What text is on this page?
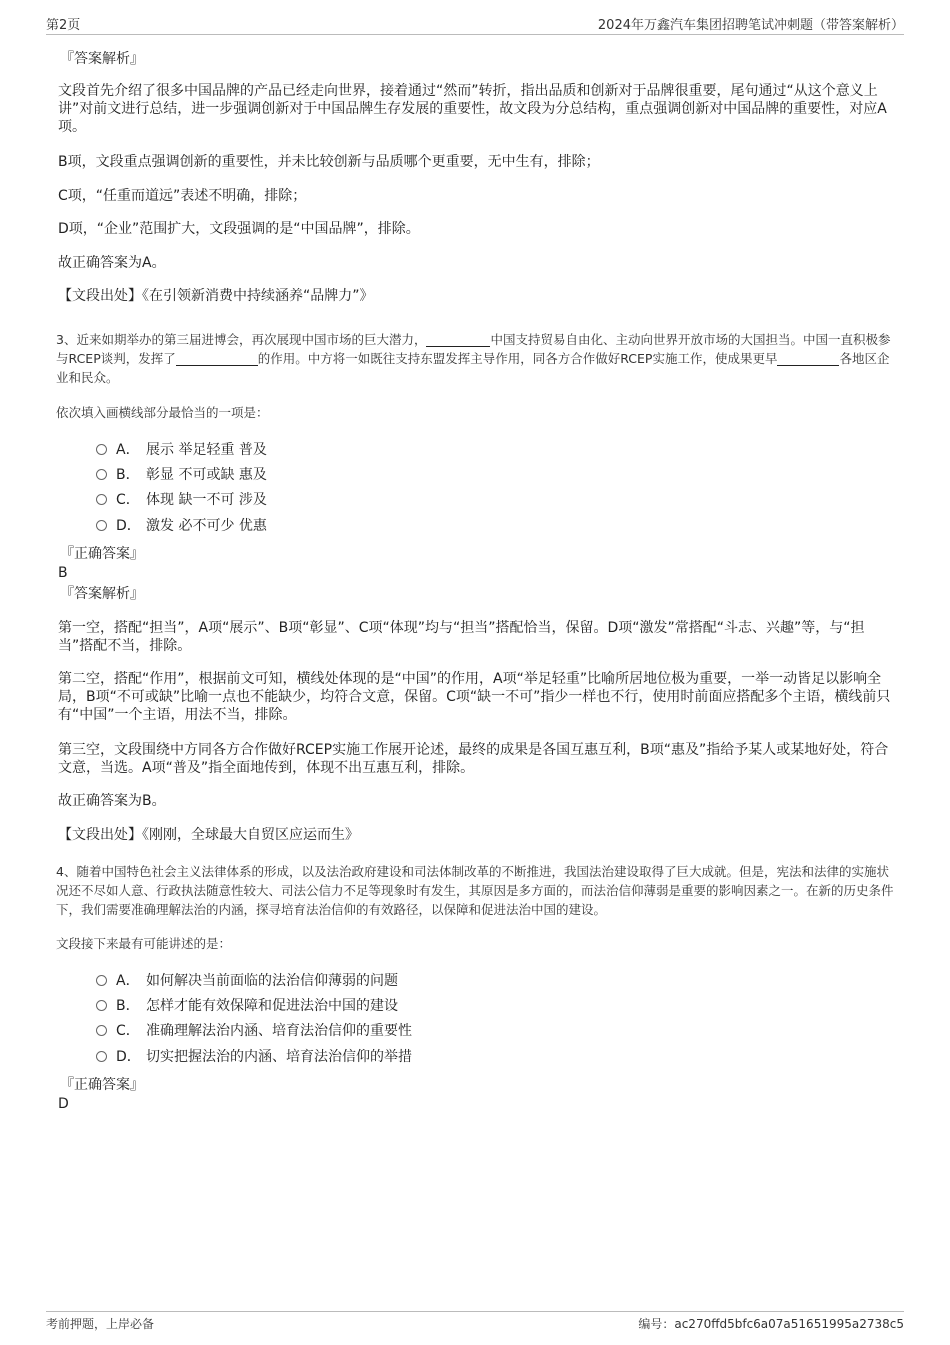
第2页	2024年万鑫汽车集团招聘笔试冲刺题（带答案解析）
『答案解析』
文段首先介绍了很多中国品牌的产品已经走向世界，接着通过“然而”转折，指出品质和创新对于品牌很重要，尾句通过“从这个意义上讲”对前文进行总结，进一步强调创新对于中国品牌生存发展的重要性，故文段为分总结构，重点强调创新对中国品牌的重要性，对应A项。
B项，文段重点强调创新的重要性，并未比较创新与品质哪个更重要，无中生有，排除；
C项，“任重而道远”表述不明确，排除；
D项，“企业”范围扩大，文段强调的是“中国品牌”，排除。
故正确答案为A。
【文段出处】《在引领新消费中持续涵养“品牌力”》
3、近来如期举办的第三届进博会，再次展现中国市场的巨大潜力，	中国支持贸易自由化、主动向世界开放市场的大国担当。中国一直积极参与RCEP谈判，发挥了	的作用。中方将一如既往支持东盟发挥主导作用，同各方合作做好RCEP实施工作，使成果更早	各地区企业和民众。
依次填入画横线部分最恰当的一项是：
A． 展示 举足轻重 普及
B． 彰显 不可或缺 惠及
C． 体现 缺一不可 涉及
D． 激发 必不可少 优惠
『正确答案』
B
『答案解析』
第一空，搭配“担当”，A项“展示”、B项“彰显”、C项“体现”均与“担当”搭配恰当，保留。D项“激发”常搭配“斗志、兴趣”等，与“担当”搭配不当，排除。
第二空，搭配“作用”，根据前文可知，横线处体现的是“中国”的作用，A项“举足轻重”比喻所居地位极为重要，一举一动皆足以影响全局，B项“不可或缺”比喻一点也不能缺少，均符合文意，保留。C项“缺一不可”指少一样也不行，使用时前面应搭配多个主语，横线前只有“中国”一个主语，用法不当，排除。
第三空，文段围绕中方同各方合作做好RCEP实施工作展开论述，最终的成果是各国互惠互利，B项“惠及”指给予某人或某地好处，符合文意，当选。A项“普及”指全面地传到，体现不出互惠互利，排除。
故正确答案为B。
【文段出处】《刚刚，全球最大自贸区应运而生》
4、随着中国特色社会主义法律体系的形成，以及法治政府建设和司法体制改革的不断推进，我国法治建设取得了巨大成就。但是，宪法和法律的实施状况还不尽如人意、行政执法随意性较大、司法公信力不足等现象时有发生，其原因是多方面的，而法治信仰薄弱是重要的影响因素之一。在新的历史条件下，我们需要准确理解法治的内涵，探寻培育法治信仰的有效路径，以保障和促进法治中国的建设。
文段接下来最有可能讲述的是：
A． 如何解决当前面临的法治信仰薄弱的问题
B． 怎样才能有效保障和促进法治中国的建设
C． 准确理解法治内涵、培育法治信仰的重要性
D． 切实把握法治的内涵、培育法治信仰的举措
『正确答案』
D
考前押题，上岸必备	编号：ac270ffd5bfc6a07a51651995a2738c5
